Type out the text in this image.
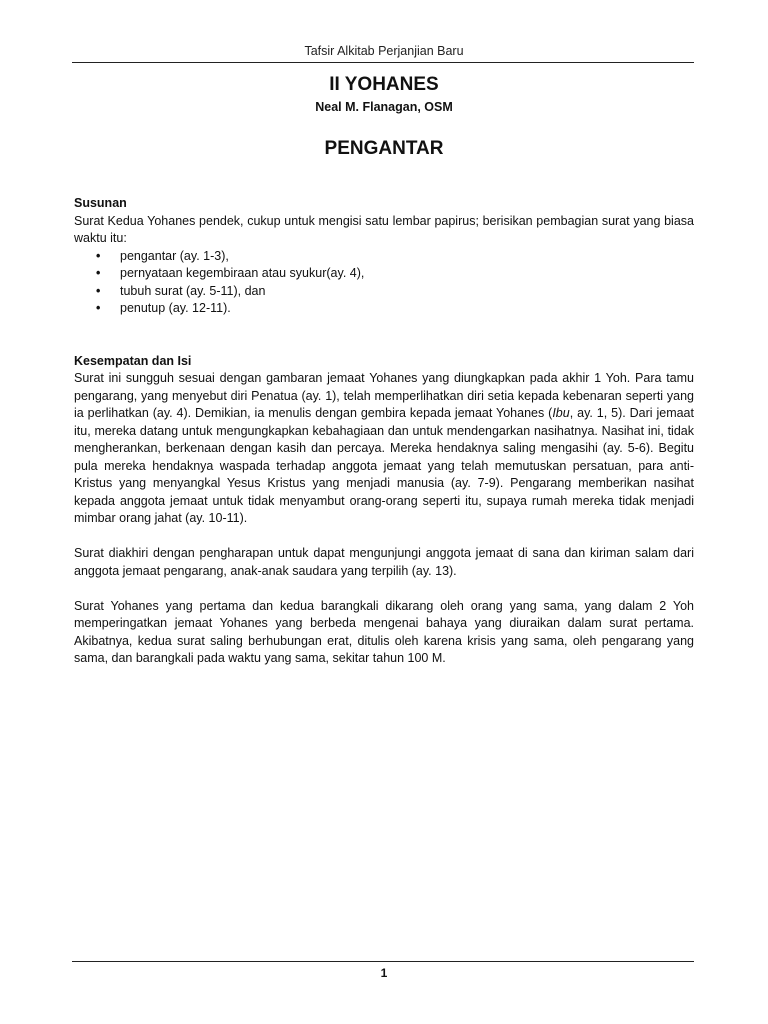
Tafsir Alkitab Perjanjian Baru
II YOHANES
Neal M. Flanagan, OSM
PENGANTAR

Susunan

Surat Kedua Yohanes pendek, cukup untuk mengisi satu lembar papirus; berisikan pembagian surat yang biasa waktu itu:

• pengantar (ay. 1-3),
• pernyataan kegembiraan atau syukur(ay. 4),
• tubuh surat (ay. 5-11), dan
• penutup (ay. 12-11).

Kesempatan dan Isi

Surat ini sungguh sesuai dengan gambaran jemaat Yohanes yang diungkapkan pada akhir 1 Yoh. Para tamu pengarang, yang menyebut diri Penatua (ay. 1), telah memperlihatkan diri setia kepada kebenaran seperti yang ia perlihatkan (ay. 4). Demikian, ia menulis dengan gembira kepada jemaat Yohanes (Ibu, ay. 1, 5). Dari jemaat itu, mereka datang untuk mengungkapkan kebahagiaan dan untuk mendengarkan nasihatnya. Nasihat ini, tidak mengherankan, berkenaan dengan kasih dan percaya. Mereka hendaknya saling mengasihi (ay. 5-6). Begitu pula mereka hendaknya waspada terhadap anggota jemaat yang telah memutuskan persatuan, para anti-Kristus yang menyangkal Yesus Kristus yang menjadi manusia (ay. 7-9). Pengarang memberikan nasihat kepada anggota jemaat untuk tidak menyambut orang-orang seperti itu, supaya rumah mereka tidak menjadi mimbar orang jahat (ay. 10-11).

Surat diakhiri dengan pengharapan untuk dapat mengunjungi anggota jemaat di sana dan kiriman salam dari anggota jemaat pengarang, anak-anak saudara yang terpilih (ay. 13).

Surat Yohanes yang pertama dan kedua barangkali dikarang oleh orang yang sama, yang dalam 2 Yoh memperingatkan jemaat Yohanes yang berbeda mengenai bahaya yang diuraikan dalam surat pertama. Akibatnya, kedua surat saling berhubungan erat, ditulis oleh karena krisis yang sama, oleh pengarang yang sama, dan barangkali pada waktu yang sama, sekitar tahun 100 M.

1
